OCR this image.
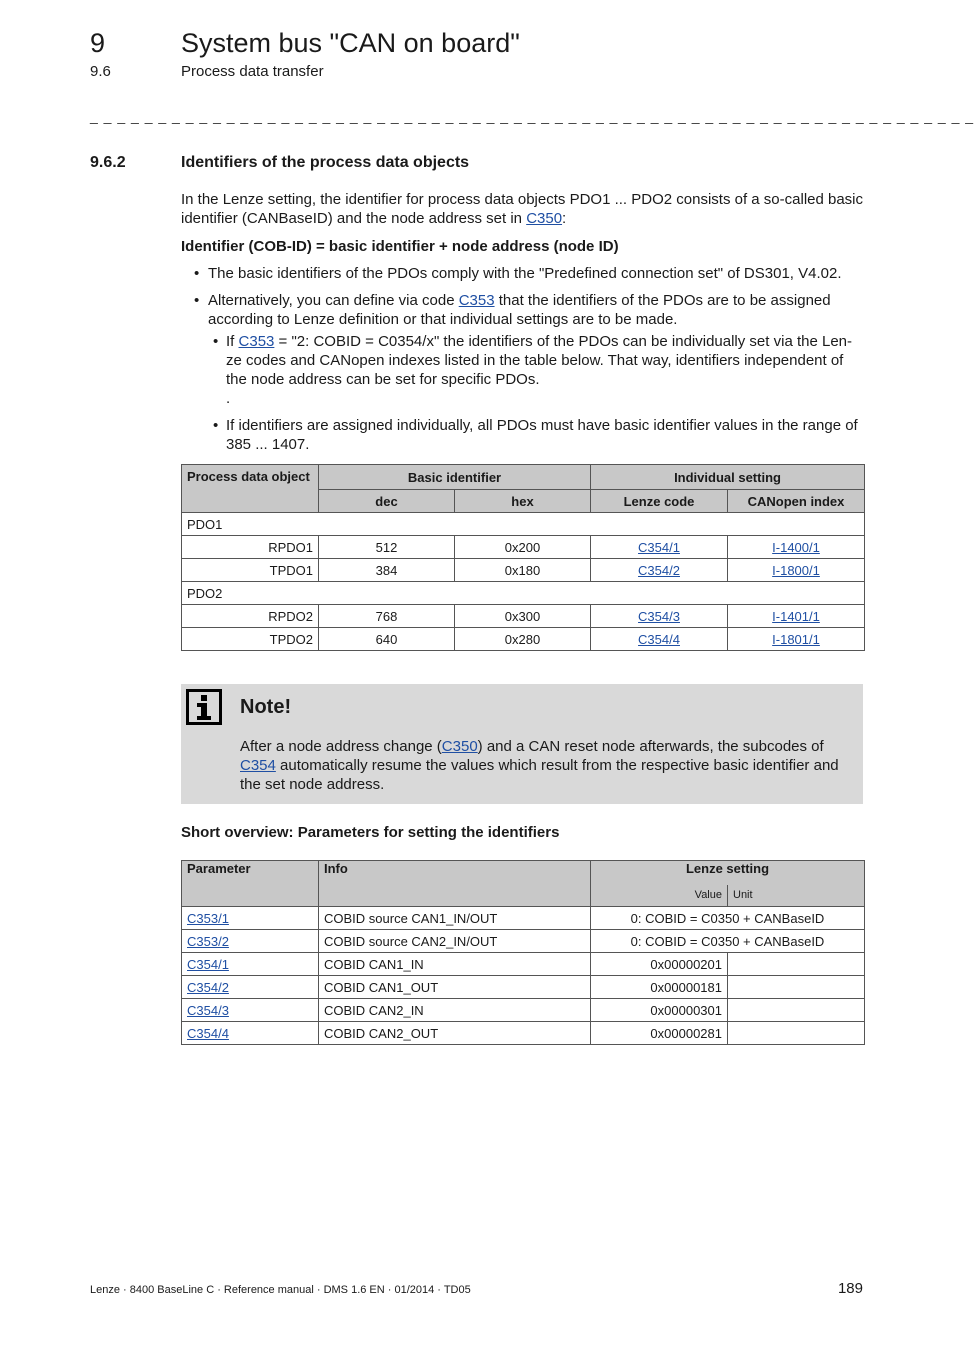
9	System bus "CAN on board"
9.6	Process data transfer
_ _ _ _ _ _ _ _ _ _ _ _ _ _ _ _ _ _ _ _ _ _ _ _ _ _ _ _ _ _ _ _ _ _ _ _ _ _ _ _ _ _ _ _ _ _ _ _ _ _ _ _ _ _ _ _ _ _ _ _ _ _ _ _ _
9.6.2	Identifiers of the process data objects

In the Lenze setting, the identifier for process data objects PDO1 ... PDO2 consists of a so-called basic identifier (CANBaseID) and the node address set in C350:

Identifier (COB-ID) = basic identifier + node address (node ID)

• The basic identifiers of the PDOs comply with the "Predefined connection set" of DS301, V4.02.
• Alternatively, you can define via code C353 that the identifiers of the PDOs are to be assigned according to Lenze definition or that individual settings are to be made.
• If C353 = "2: COBID = C0354/x" the identifiers of the PDOs can be individually set via the Len-ze codes and CANopen indexes listed in the table below. That way, identifiers independent of the node address can be set for specific PDOs.
.
• If identifiers are assigned individually, all PDOs must have basic identifier values in the range of 385 ... 1407.
Process data object	Basic identifier		Individual setting	
	dec	hex	Lenze code	CANopen index
PDO1				
RPDO1	512	0x200	C354/1	I-1400/1
TPDO1	384	0x180	C354/2	I-1800/1
PDO2				
RPDO2	768	0x300	C354/3	I-1401/1
TPDO2	640	0x280	C354/4	I-1801/1
Note!
After a node address change (C350) and a CAN reset node afterwards, the subcodes of C354 automatically resume the values which result from the respective basic identifier and the set node address.
Short overview: Parameters for setting the identifiers
Parameter	Info	Lenze setting	
		Value	Unit
C353/1	COBID source CAN1_IN/OUT	0: COBID = C0350 + CANBaseID	
C353/2	COBID source CAN2_IN/OUT	0: COBID = C0350 + CANBaseID	
C354/1	COBID CAN1_IN	0x00000201	
C354/2	COBID CAN1_OUT	0x00000181	
C354/3	COBID CAN2_IN	0x00000301	
C354/4	COBID CAN2_OUT	0x00000281	
Lenze · 8400 BaseLine C · Reference manual · DMS 1.6 EN · 01/2014 · TD05	189
